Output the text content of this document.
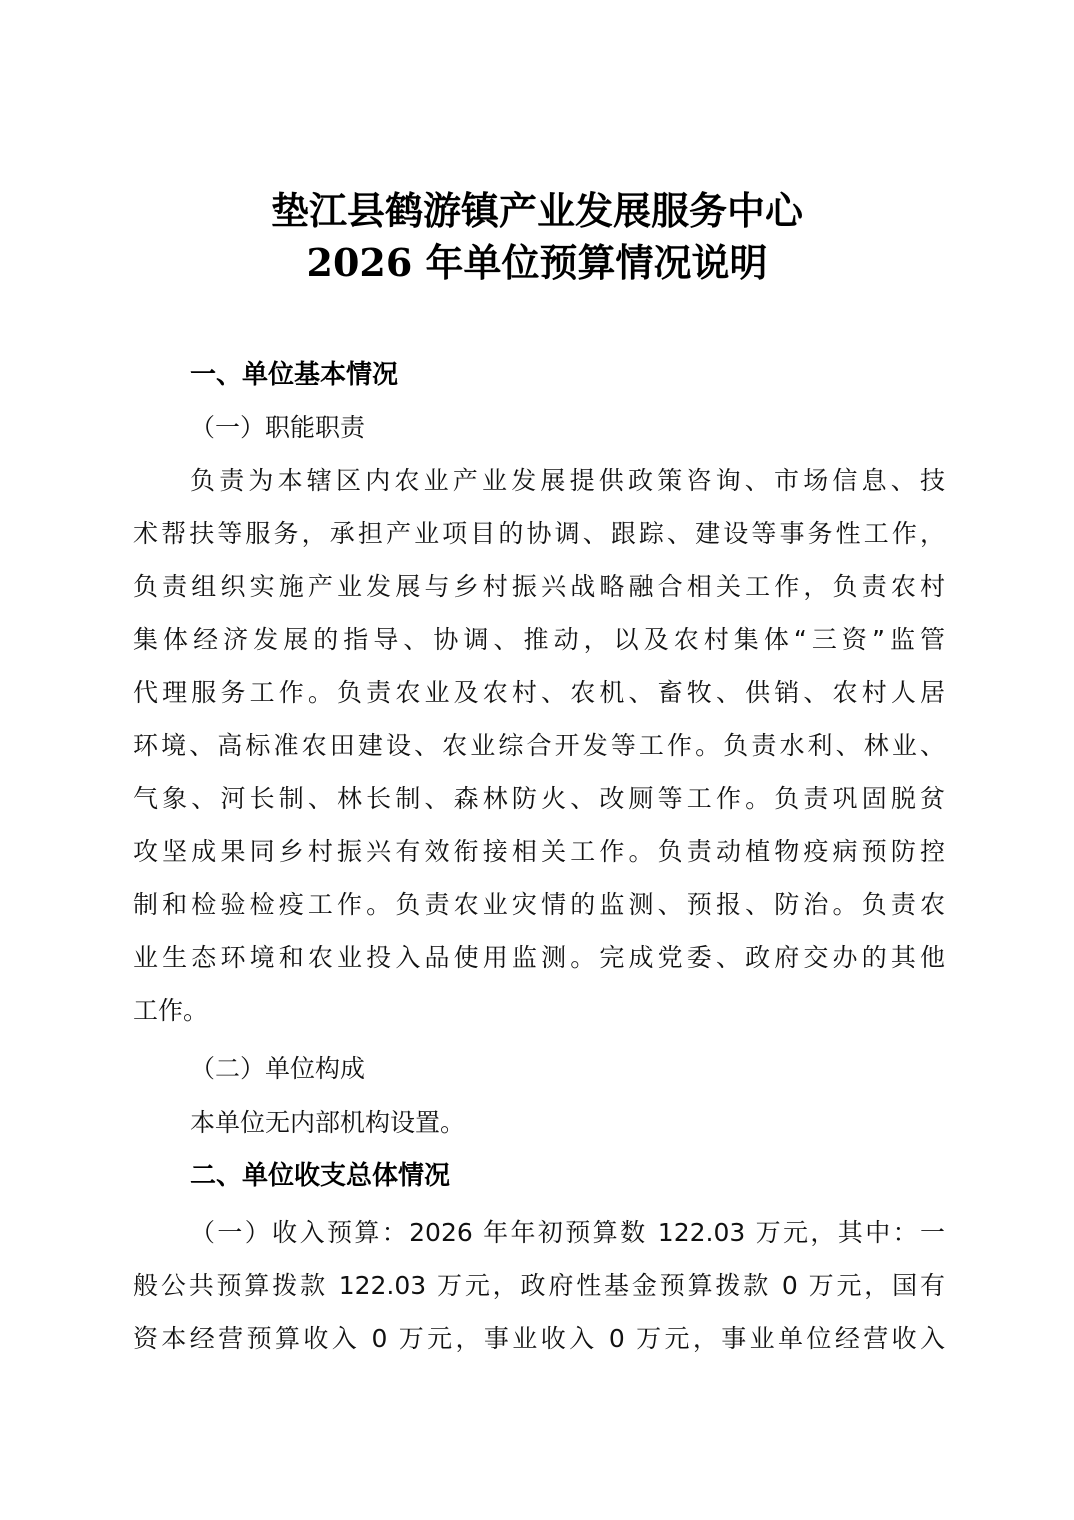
垫江县鹤游镇产业发展服务中心
2026 年单位预算情况说明
一、单位基本情况
（一）职能职责
负责为本辖区内农业产业发展提供政策咨询、市场信息、技
术帮扶等服务，承担产业项目的协调、跟踪、建设等事务性工作，
负责组织实施产业发展与乡村振兴战略融合相关工作，负责农村
集体经济发展的指导、协调、推动，以及农村集体“三资”监管
代理服务工作。负责农业及农村、农机、畜牧、供销、农村人居
环境、高标准农田建设、农业综合开发等工作。负责水利、林业、
气象、河长制、林长制、森林防火、改厕等工作。负责巩固脱贫
攻坚成果同乡村振兴有效衔接相关工作。负责动植物疫病预防控
制和检验检疫工作。负责农业灾情的监测、预报、防治。负责农
业生态环境和农业投入品使用监测。完成党委、政府交办的其他
工作。
（二）单位构成
本单位无内部机构设置。
二、单位收支总体情况
（一）收入预算：2026 年年初预算数 122.03 万元，其中：一
般公共预算拨款 122.03 万元，政府性基金预算拨款 0 万元，国有
资本经营预算收入 0 万元，事业收入 0 万元，事业单位经营收入
